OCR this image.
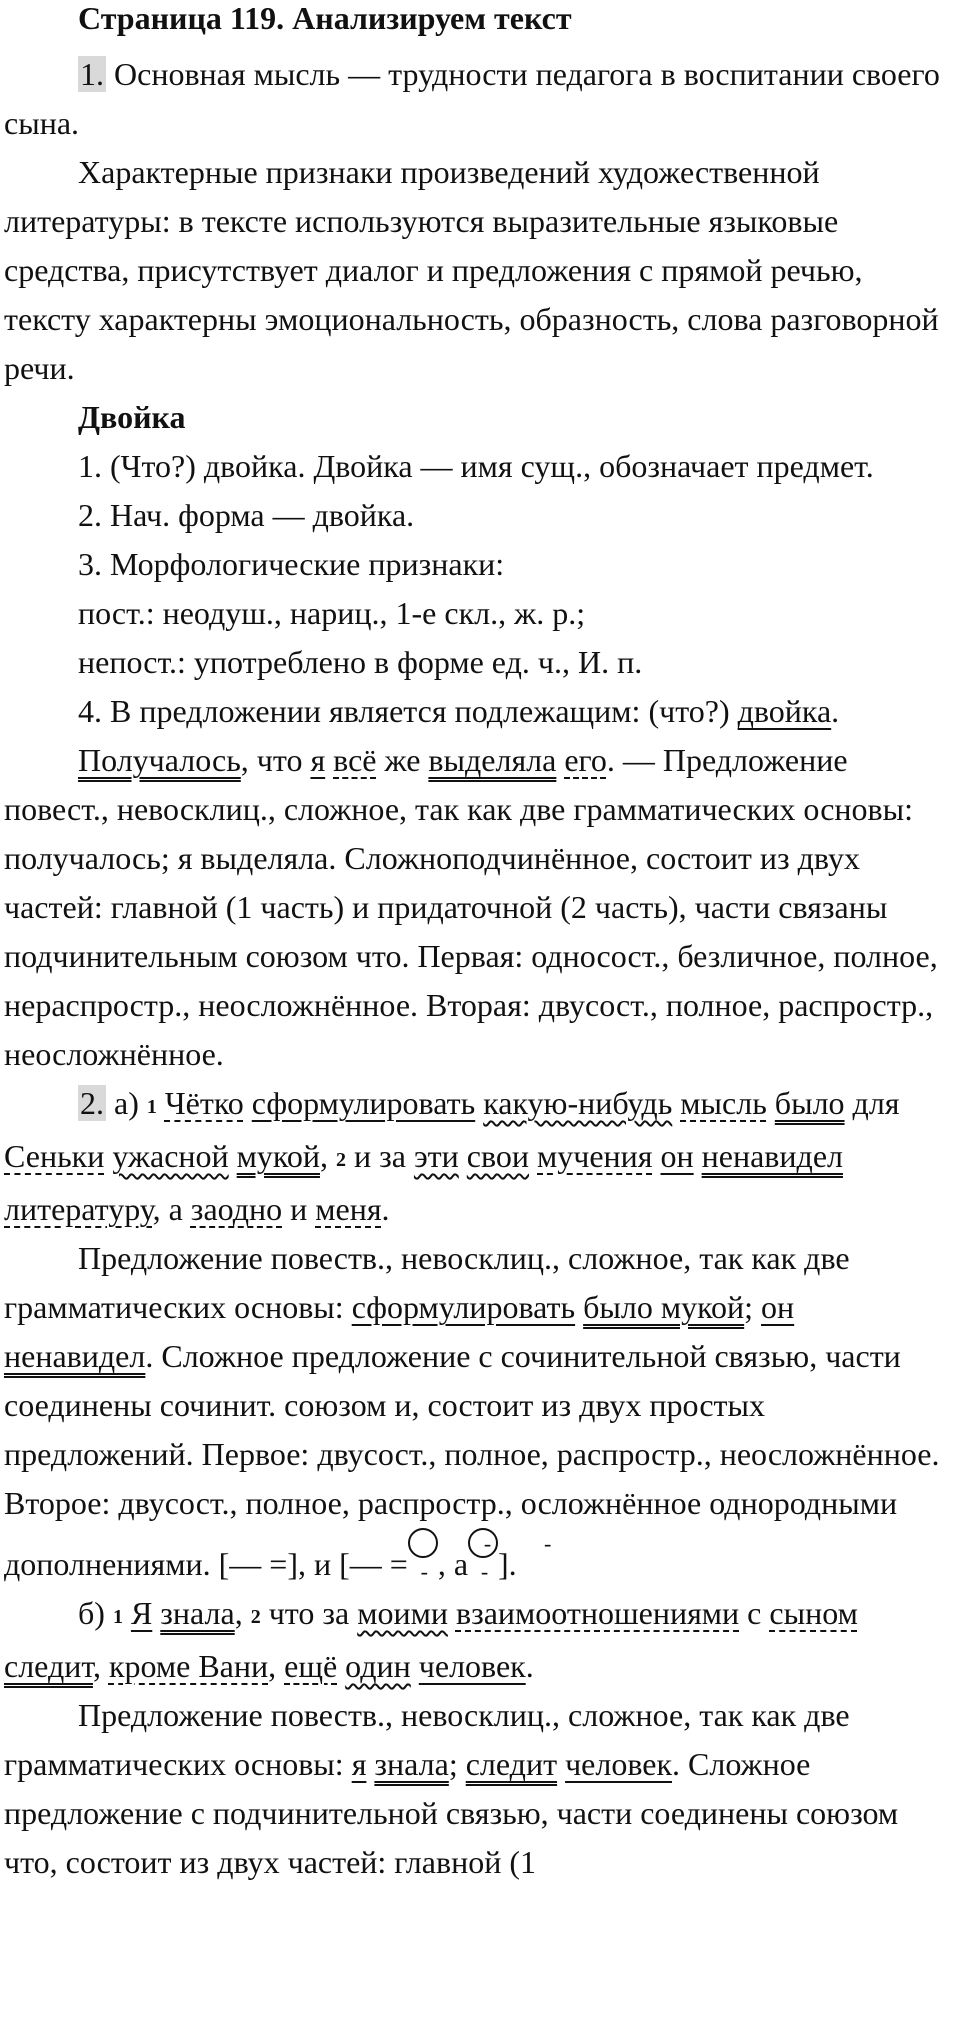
Страница 119. Анализируем текст

1. Основная мысль — трудности педагога в воспитании своего сына.

Характерные признаки произведений художественной литературы: в тексте используются выразительные языковые средства, присутствует диалог и предложения с прямой речью, тексту характерны эмоциональность, образность, слова разговорной речи.

Двойка

1. (Что?) двойка. Двойка — имя сущ., обозначает предмет.

2. Нач. форма — двойка.

3. Морфологические признаки:

пост.: неодуш., нариц., 1-е скл., ж. р.;

непост.: употреблено в форме ед. ч., И. п.

4. В предложении является подлежащим: (что?) двойка.

Получалось, что я всё же выделяла его. — Предложение повест., невосклиц., сложное, так как две грамматических основы: получалось; я выделяла. Сложноподчинённое, состоит из двух частей: главной (1 часть) и придаточной (2 часть), части связаны подчинительным союзом что. Первая: односост., безличное, полное, нераспростр., неосложнённое. Вторая: двусост., полное, распростр., неосложнённое.

2. а) 1 Чётко сформулировать какую-нибудь мысль было для Сеньки ужасной мукой, 2 и за эти свои мучения он ненавидел литературу, а заодно и меня.

Предложение повеств., невосклиц., сложное, так как две грамматических основы: сформулировать было мукой; он ненавидел. Сложное предложение с сочинительной связью, части соединены сочинит. союзом и, состоит из двух простых предложений. Первое: двусост., полное, распростр., неосложнённое. Второе: двусост., полное, распростр., осложнённое однородными дополнениями. [— =], и [— =-- , а-- ].

б) 1 Я знала, 2 что за моими взаимоотношениями с сыном следит, кроме Вани, ещё один человек.

Предложение повеств., невосклиц., сложное, так как две грамматических основы: я знала; следит человек. Сложное предложение с подчинительной связью, части соединены союзом что, состоит из двух частей: главной (1
